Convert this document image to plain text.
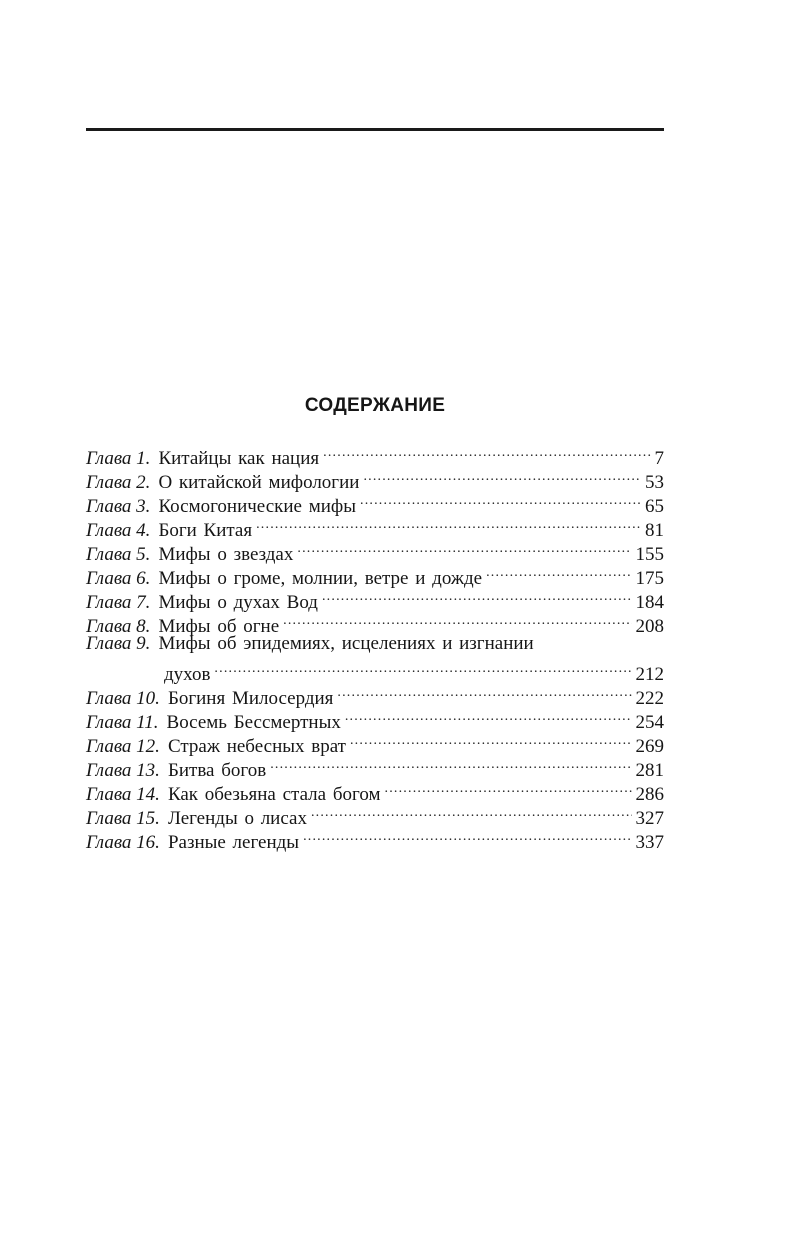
СОДЕРЖАНИЕ
Глава 1. Китайцы как нация .....	7
Глава 2. О китайской мифологии .....	53
Глава 3. Космогонические мифы .....	65
Глава 4. Боги Китая .....	81
Глава 5. Мифы о звездах .....	155
Глава 6. Мифы о громе, молнии, ветре и дожде .....	175
Глава 7. Мифы о духах Вод .....	184
Глава 8. Мифы об огне .....	208
Глава 9. Мифы об эпидемиях, исцелениях и изгнании
духов .....	212
Глава 10. Богиня Милосердия .....	222
Глава 11. Восемь Бессмертных .....	254
Глава 12. Страж небесных врат .....	269
Глава 13. Битва богов .....	281
Глава 14. Как обезьяна стала богом .....	286
Глава 15. Легенды о лисах .....	327
Глава 16. Разные легенды .....	337
